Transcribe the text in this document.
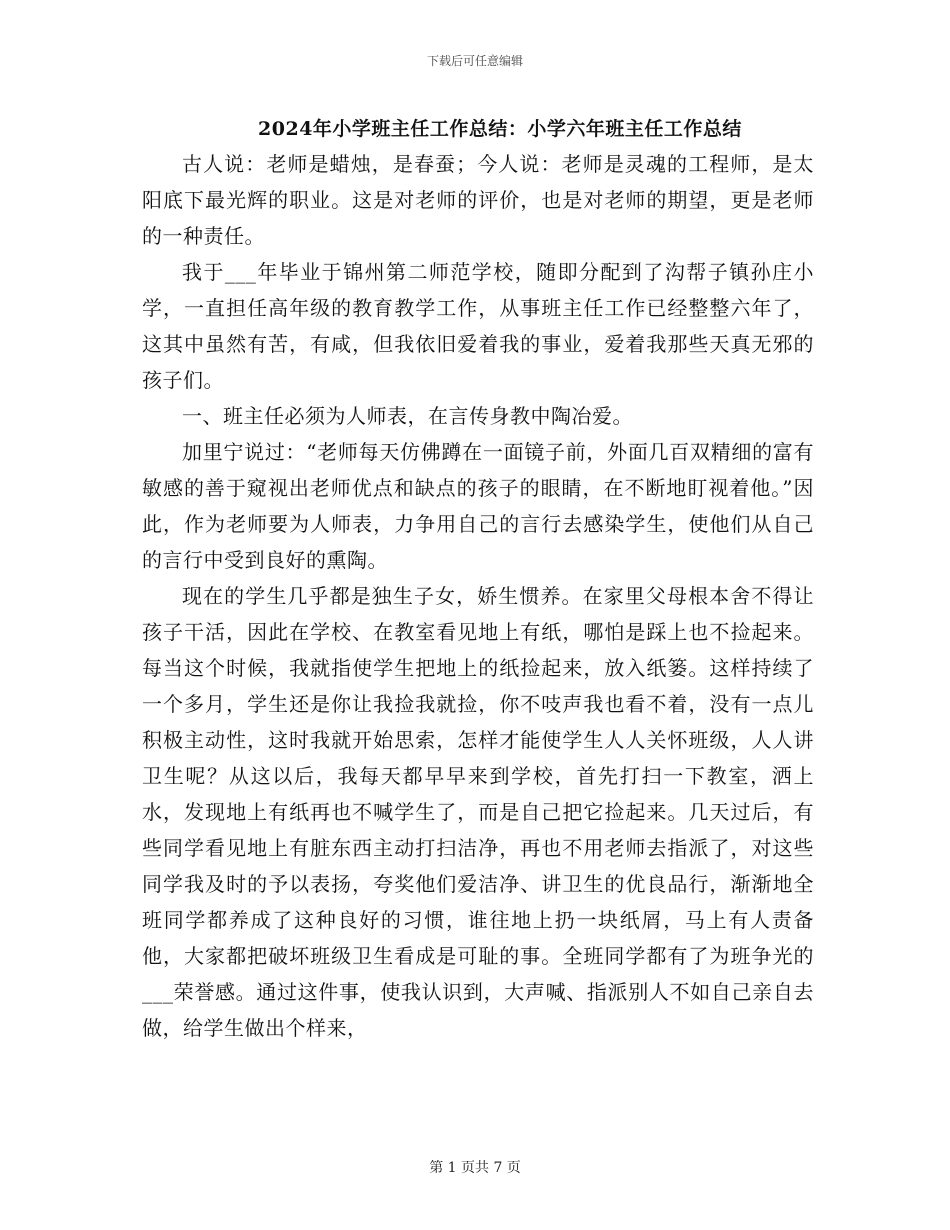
下载后可任意编辑
2024年小学班主任工作总结：小学六年班主任工作总结

古人说：老师是蜡烛，是春蚕；今人说：老师是灵魂的工程师，是太阳底下最光辉的职业。这是对老师的评价，也是对老师的期望，更是老师的一种责任。

我于___年毕业于锦州第二师范学校，随即分配到了沟帮子镇孙庄小学，一直担任高年级的教育教学工作，从事班主任工作已经整整六年了，这其中虽然有苦，有咸，但我依旧爱着我的事业，爱着我那些天真无邪的孩子们。

一、班主任必须为人师表，在言传身教中陶冶爱。

加里宁说过：“老师每天仿佛蹲在一面镜子前，外面几百双精细的富有敏感的善于窥视出老师优点和缺点的孩子的眼睛，在不断地盯视着他。”因此，作为老师要为人师表，力争用自己的言行去感染学生，使他们从自己的言行中受到良好的熏陶。

现在的学生几乎都是独生子女，娇生惯养。在家里父母根本舍不得让孩子干活，因此在学校、在教室看见地上有纸，哪怕是踩上也不捡起来。每当这个时候，我就指使学生把地上的纸捡起来，放入纸篓。这样持续了一个多月，学生还是你让我捡我就捡，你不吱声我也看不着，没有一点儿积极主动性，这时我就开始思索，怎样才能使学生人人关怀班级，人人讲卫生呢？从这以后，我每天都早早来到学校，首先打扫一下教室，洒上水，发现地上有纸再也不喊学生了，而是自己把它捡起来。几天过后，有些同学看见地上有脏东西主动打扫洁净，再也不用老师去指派了，对这些同学我及时的予以表扬，夸奖他们爱洁净、讲卫生的优良品行，渐渐地全班同学都养成了这种良好的习惯，谁往地上扔一块纸屑，马上有人责备他，大家都把破坏班级卫生看成是可耻的事。全班同学都有了为班争光的___荣誉感。通过这件事，使我认识到，大声喊、指派别人不如自己亲自去做，给学生做出个样来，

第 1 页共 7 页
